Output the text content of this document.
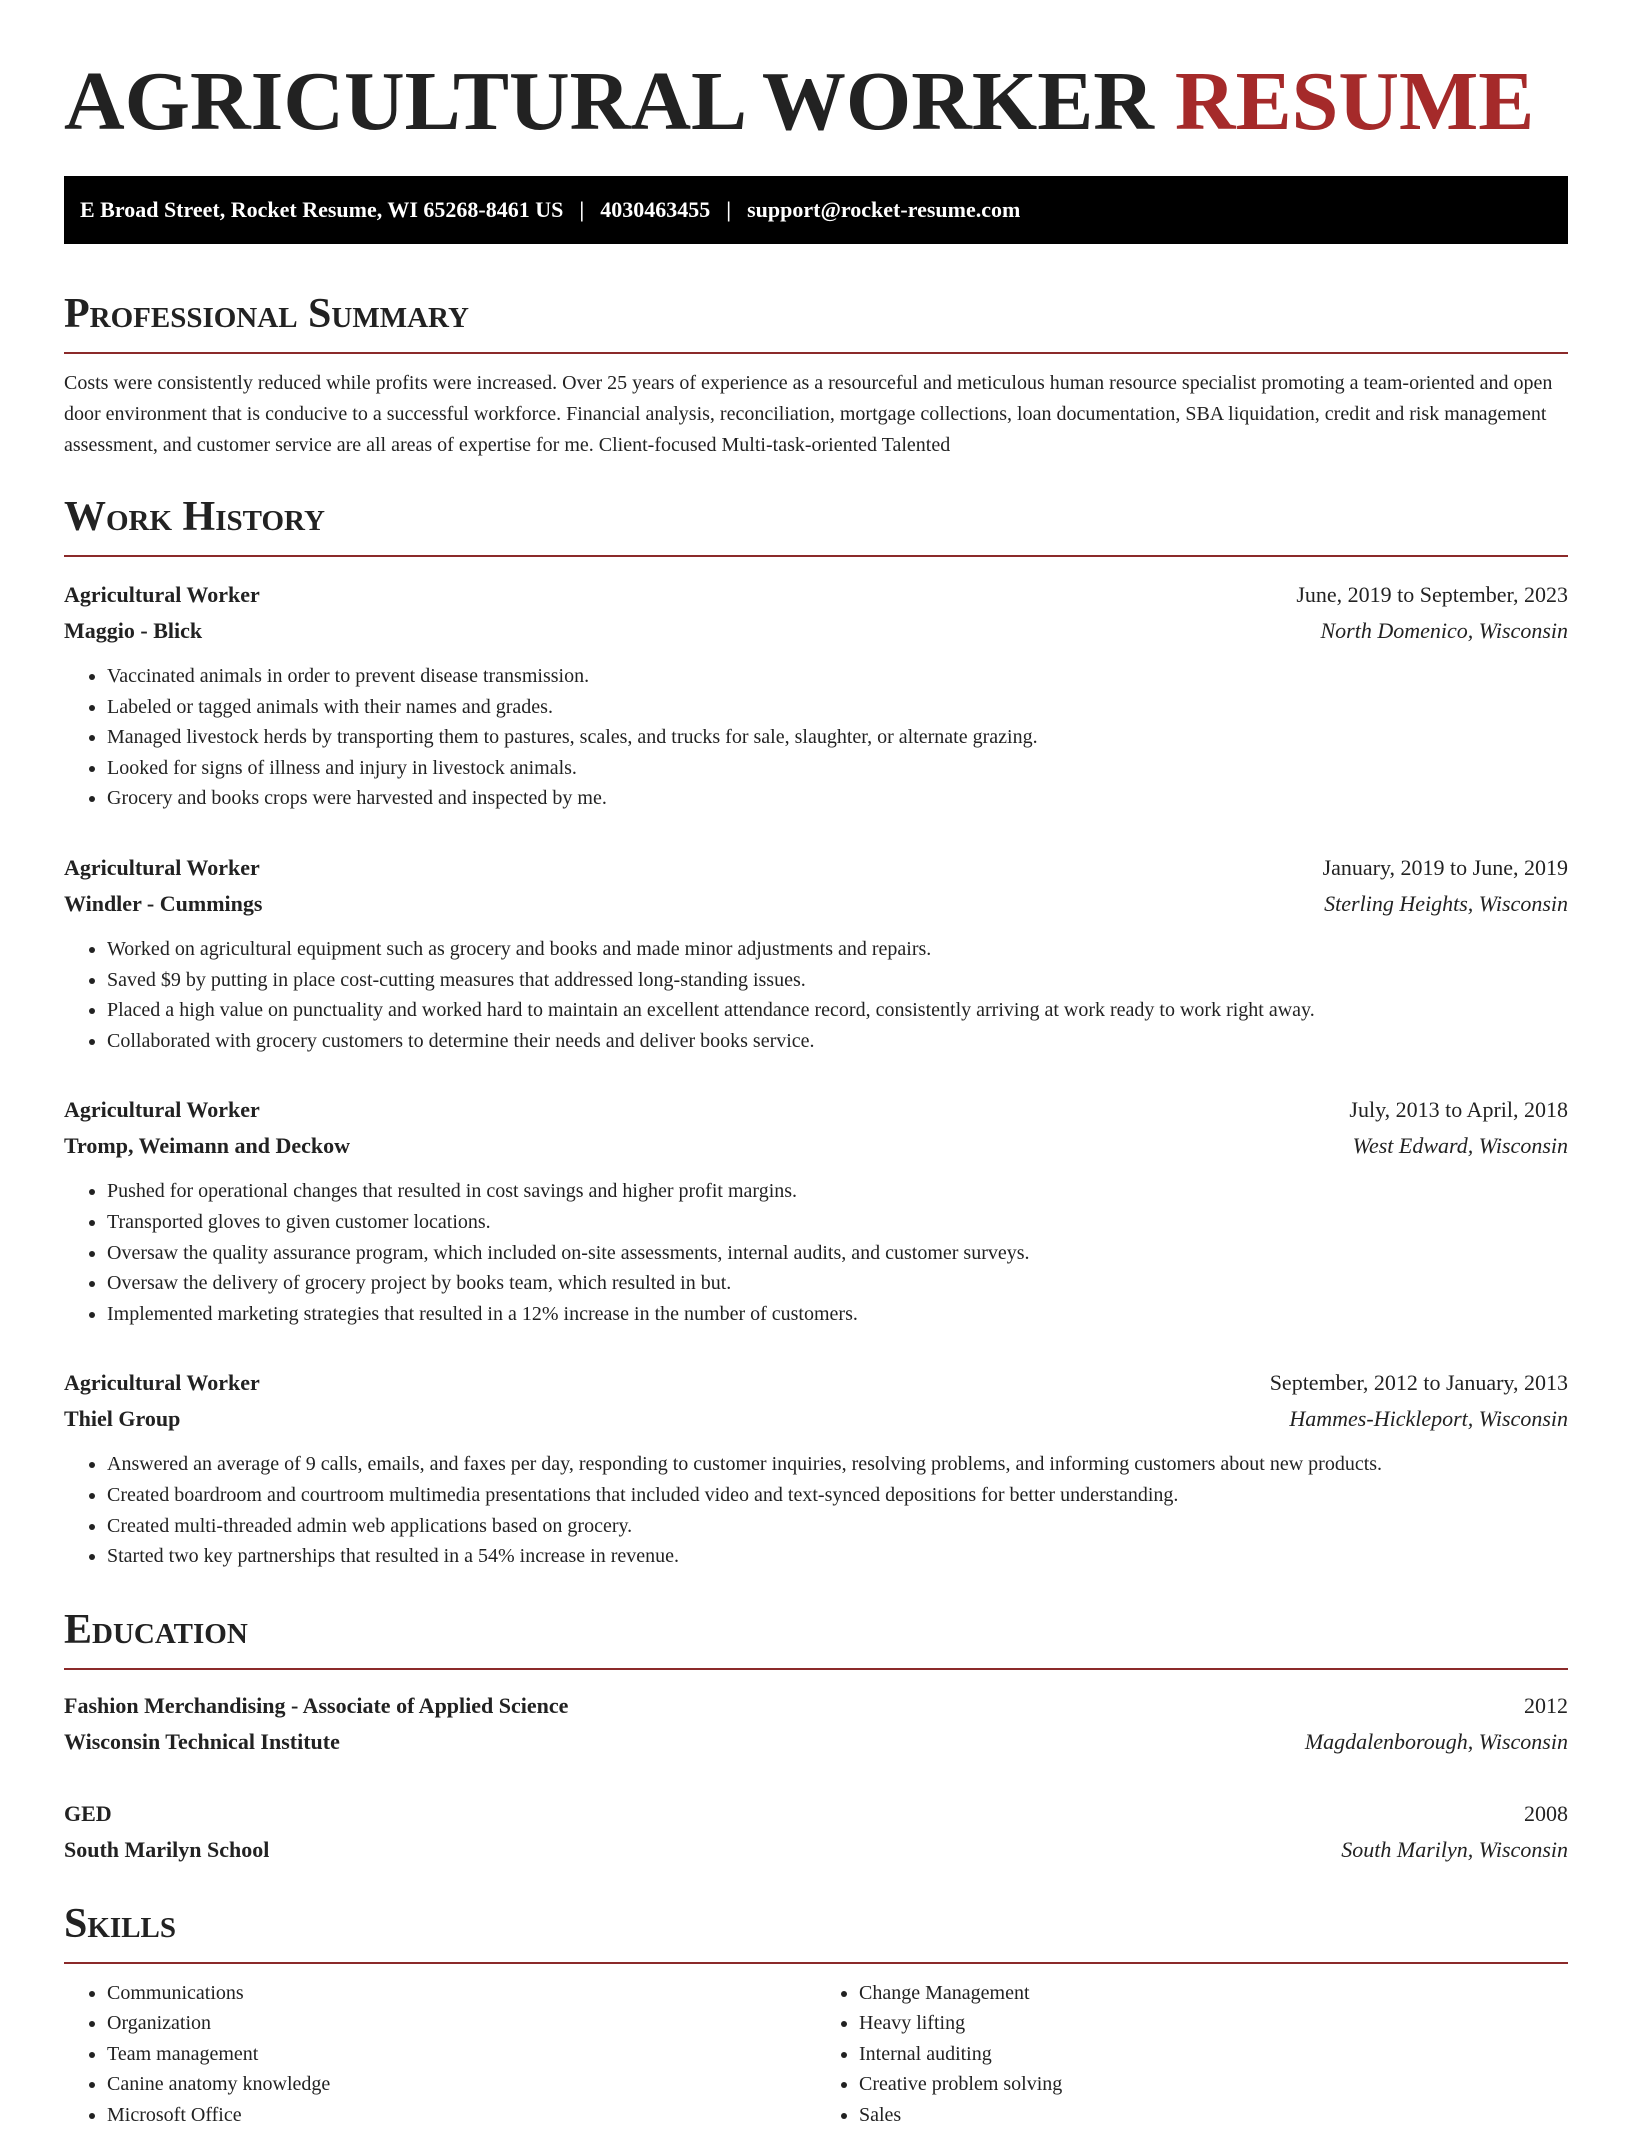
AGRICULTURAL WORKER RESUME
E Broad Street, Rocket Resume, WI 65268-8461 US | 4030463455 | support@rocket-resume.com
Professional Summary

Costs were consistently reduced while profits were increased. Over 25 years of experience as a resourceful and meticulous human resource specialist promoting a team-oriented and open door environment that is conducive to a successful workforce. Financial analysis, reconciliation, mortgage collections, loan documentation, SBA liquidation, credit and risk management assessment, and customer service are all areas of expertise for me. Client-focused Multi-task-oriented Talented

Work History
Agricultural Worker	June, 2019 to September, 2023
Maggio - Blick	North Domenico, Wisconsin
• Vaccinated animals in order to prevent disease transmission.
• Labeled or tagged animals with their names and grades.
• Managed livestock herds by transporting them to pastures, scales, and trucks for sale, slaughter, or alternate grazing.
• Looked for signs of illness and injury in livestock animals.
• Grocery and books crops were harvested and inspected by me.
Agricultural Worker	January, 2019 to June, 2019
Windler - Cummings	Sterling Heights, Wisconsin
• Worked on agricultural equipment such as grocery and books and made minor adjustments and repairs.
• Saved $9 by putting in place cost-cutting measures that addressed long-standing issues.
• Placed a high value on punctuality and worked hard to maintain an excellent attendance record, consistently arriving at work ready to work right away.
• Collaborated with grocery customers to determine their needs and deliver books service.
Agricultural Worker	July, 2013 to April, 2018
Tromp, Weimann and Deckow	West Edward, Wisconsin
• Pushed for operational changes that resulted in cost savings and higher profit margins.
• Transported gloves to given customer locations.
• Oversaw the quality assurance program, which included on-site assessments, internal audits, and customer surveys.
• Oversaw the delivery of grocery project by books team, which resulted in but.
• Implemented marketing strategies that resulted in a 12% increase in the number of customers.
Agricultural Worker	September, 2012 to January, 2013
Thiel Group	Hammes-Hickleport, Wisconsin
• Answered an average of 9 calls, emails, and faxes per day, responding to customer inquiries, resolving problems, and informing customers about new products.
• Created boardroom and courtroom multimedia presentations that included video and text-synced depositions for better understanding.
• Created multi-threaded admin web applications based on grocery.
• Started two key partnerships that resulted in a 54% increase in revenue.
Education
Fashion Merchandising - Associate of Applied Science	2012
Wisconsin Technical Institute	Magdalenborough, Wisconsin
GED	2008
South Marilyn School	South Marilyn, Wisconsin
Skills
• Communications
• Organization
• Team management
• Canine anatomy knowledge
• Microsoft Office
• Change Management
• Heavy lifting
• Internal auditing
• Creative problem solving
• Sales
